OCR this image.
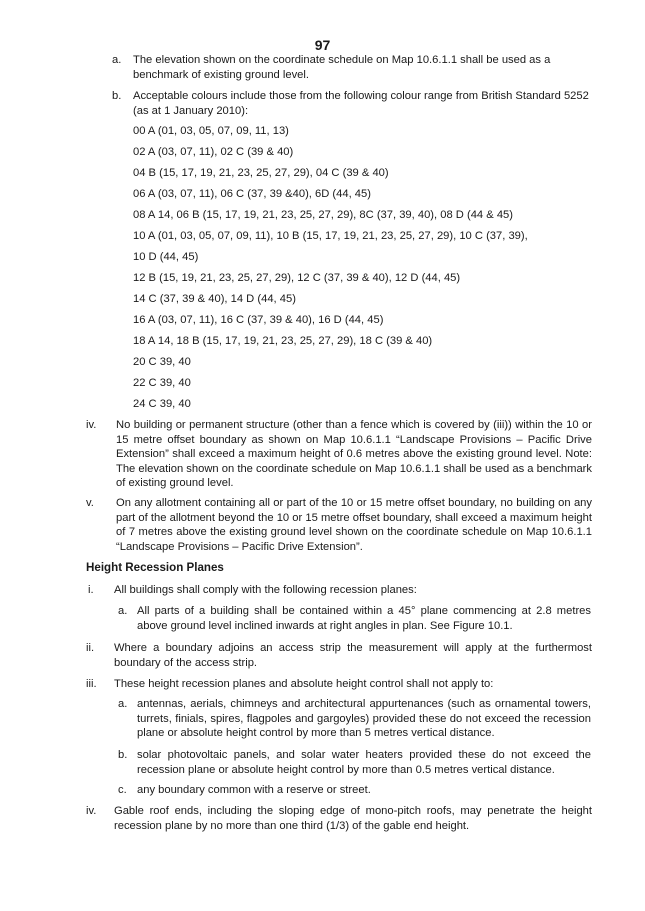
97
a. The elevation shown on the coordinate schedule on Map 10.6.1.1 shall be used as a benchmark of existing ground level.
b. Acceptable colours include those from the following colour range from British Standard 5252 (as at 1 January 2010):
00 A (01, 03, 05, 07, 09, 11, 13)
02 A (03, 07, 11), 02 C (39 & 40)
04 B (15, 17, 19, 21, 23, 25, 27, 29), 04 C (39 & 40)
06 A (03, 07, 11), 06 C (37, 39 &40), 6D (44, 45)
08 A 14, 06 B (15, 17, 19, 21, 23, 25, 27, 29), 8C (37, 39, 40), 08 D (44 & 45)
10 A (01, 03, 05, 07, 09, 11), 10 B (15, 17, 19, 21, 23, 25, 27, 29), 10 C (37, 39),
10 D (44, 45)
12 B (15, 19, 21, 23, 25, 27, 29), 12 C (37, 39 & 40), 12 D (44, 45)
14 C (37, 39 & 40), 14 D (44, 45)
16 A (03, 07, 11), 16 C (37, 39 & 40), 16 D (44, 45)
18 A 14, 18 B (15, 17, 19, 21, 23, 25, 27, 29), 18 C (39 & 40)
20 C 39, 40
22 C 39, 40
24 C 39, 40
iv. No building or permanent structure (other than a fence which is covered by (iii)) within the 10 or 15 metre offset boundary as shown on Map 10.6.1.1 “Landscape Provisions – Pacific Drive Extension” shall exceed a maximum height of 0.6 metres above the existing ground level. Note: The elevation shown on the coordinate schedule on Map 10.6.1.1 shall be used as a benchmark of existing ground level.
v. On any allotment containing all or part of the 10 or 15 metre offset boundary, no building on any part of the allotment beyond the 10 or 15 metre offset boundary, shall exceed a maximum height of 7 metres above the existing ground level shown on the coordinate schedule on Map 10.6.1.1 “Landscape Provisions – Pacific Drive Extension”.
Height Recession Planes
i. All buildings shall comply with the following recession planes:
a. All parts of a building shall be contained within a 45° plane commencing at 2.8 metres above ground level inclined inwards at right angles in plan. See Figure 10.1.
ii. Where a boundary adjoins an access strip the measurement will apply at the furthermost boundary of the access strip.
iii. These height recession planes and absolute height control shall not apply to:
a. antennas, aerials, chimneys and architectural appurtenances (such as ornamental towers, turrets, finials, spires, flagpoles and gargoyles) provided these do not exceed the recession plane or absolute height control by more than 5 metres vertical distance.
b. solar photovoltaic panels, and solar water heaters provided these do not exceed the recession plane or absolute height control by more than 0.5 metres vertical distance.
c. any boundary common with a reserve or street.
iv. Gable roof ends, including the sloping edge of mono-pitch roofs, may penetrate the height recession plane by no more than one third (1/3) of the gable end height.
